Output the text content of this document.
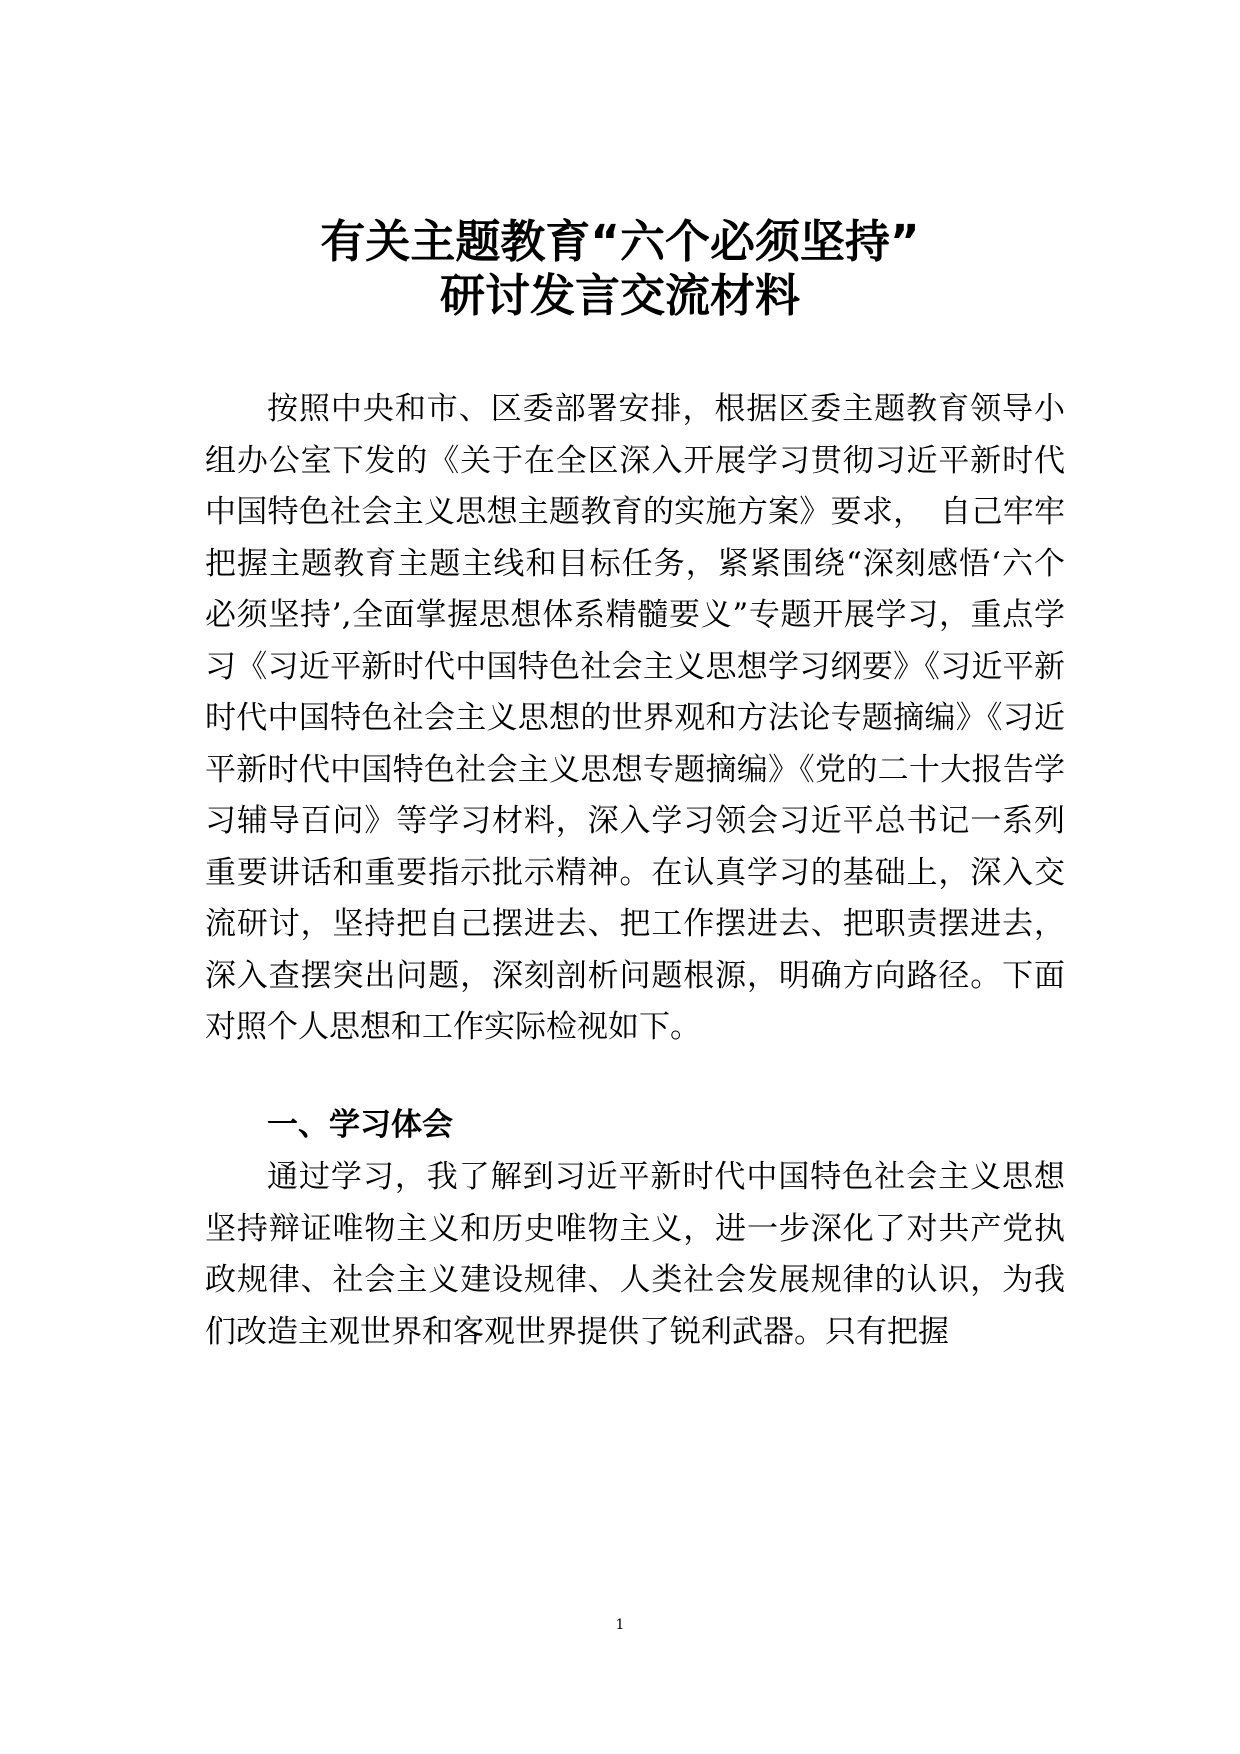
有关主题教育“六个必须坚持”
研讨发言交流材料

按照中央和市、区委部署安排，根据区委主题教育领导小组办公室下发的《关于在全区深入开展学习贯彻习近平新时代中国特色社会主义思想主题教育的实施方案》要求，　自己牢牢把握主题教育主题主线和目标任务，紧紧围绕“深刻感悟‘六个必须坚持’,全面掌握思想体系精髓要义”专题开展学习，重点学习《习近平新时代中国特色社会主义思想学习纲要》《习近平新时代中国特色社会主义思想的世界观和方法论专题摘编》《习近平新时代中国特色社会主义思想专题摘编》《党的二十大报告学习辅导百问》等学习材料，深入学习领会习近平总书记一系列重要讲话和重要指示批示精神。在认真学习的基础上，深入交流研讨，坚持把自己摆进去、把工作摆进去、把职责摆进去，深入查摆突出问题，深刻剖析问题根源，明确方向路径。下面对照个人思想和工作实际检视如下。

一、学习体会

通过学习，我了解到习近平新时代中国特色社会主义思想坚持辩证唯物主义和历史唯物主义，进一步深化了对共产党执政规律、社会主义建设规律、人类社会发展规律的认识，为我们改造主观世界和客观世界提供了锐利武器。只有把握

1
